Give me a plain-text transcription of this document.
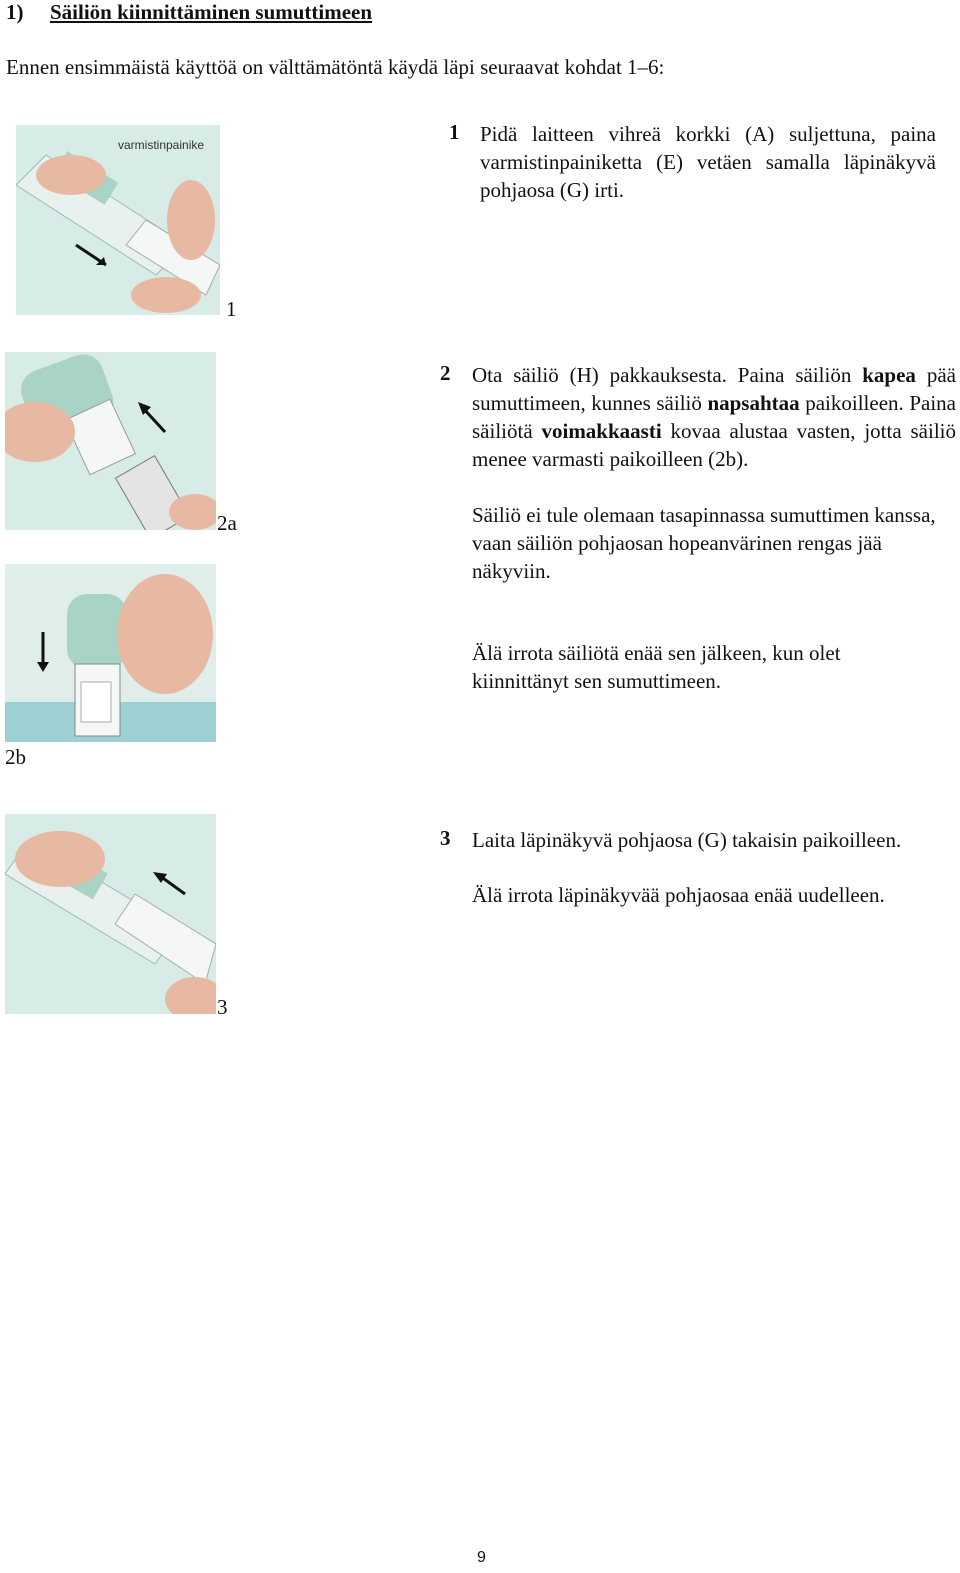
1) Säiliön kiinnittäminen sumuttimeen
Ennen ensimmäistä käyttöä on välttämätöntä käydä läpi seuraavat kohdat 1–6:
varmistinpainike
1
1 Pidä laitteen vihreä korkki (A) suljettuna, paina varmistinpainiketta (E) vetäen samalla läpinäkyvä pohjaosa (G) irti.
2a
2 Ota säiliö (H) pakkauksesta. Paina säiliön kapea pää sumuttimeen, kunnes säiliö napsahtaa paikoilleen. Paina säiliötä voimakkaasti kovaa alustaa vasten, jotta säiliö menee varmasti paikoilleen (2b).
Säiliö ei tule olemaan tasapinnassa sumuttimen kanssa, vaan säiliön pohjaosan hopeanvärinen rengas jää näkyviin.
Älä irrota säiliötä enää sen jälkeen, kun olet kiinnittänyt sen sumuttimeen.
2b
3
3 Laita läpinäkyvä pohjaosa (G) takaisin paikoilleen.
Älä irrota läpinäkyvää pohjaosaa enää uudelleen.
9
